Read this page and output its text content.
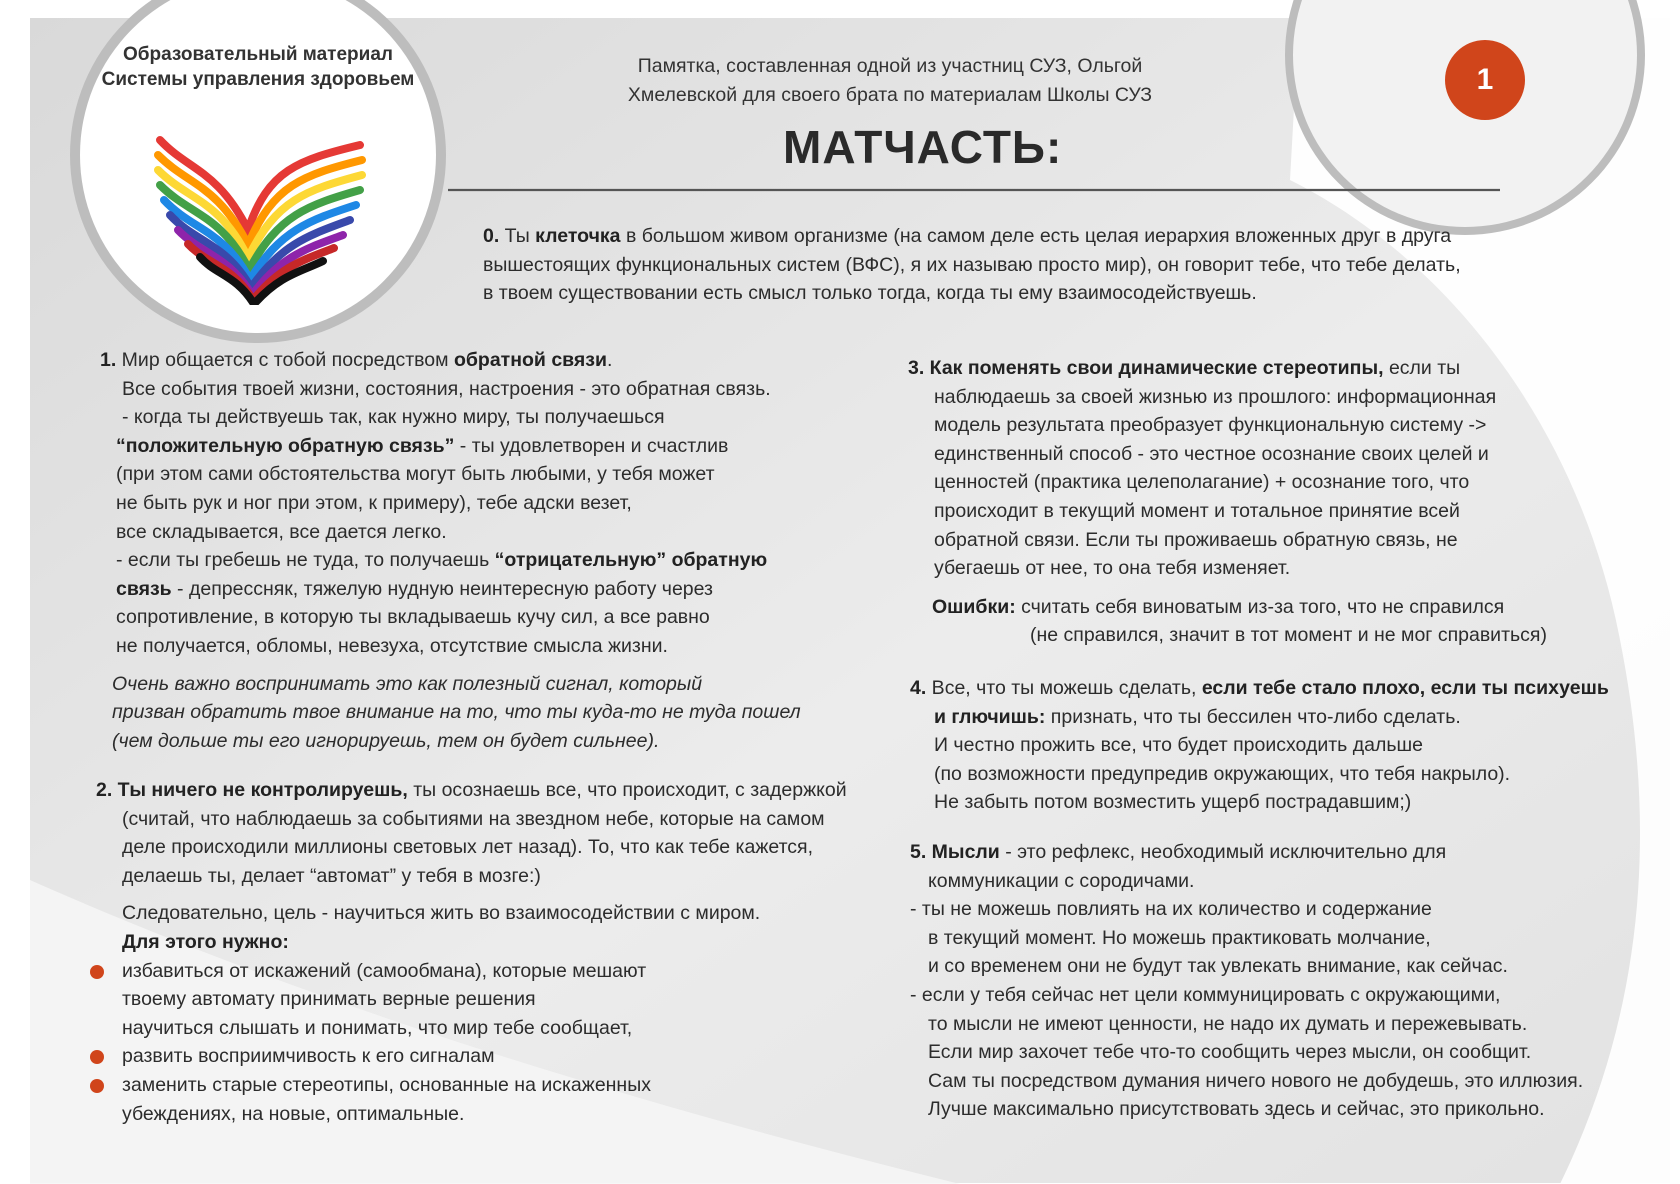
Образовательный материал
Системы управления здоровьем	1
Памятка, составленная одной из участниц СУЗ, Ольгой
Хмелевской для своего брата по материалам Школы СУЗ
МАТЧАСТЬ:

0. Ты клеточка в большом живом организме (на самом деле есть целая иерархия вложенных друг в друга

вышестоящих функциональных систем (ВФС), я их называю просто мир), он говорит тебе, что тебе делать,

в твоем существовании есть смысл только тогда, когда ты ему взаимосодействуешь.

1. Мир общается с тобой посредством обратной связи.

Все события твоей жизни, состояния, настроения - это обратная связь.

- когда ты действуешь так, как нужно миру, ты получаешься

“положительную обратную связь” - ты удовлетворен и счастлив

(при этом сами обстоятельства могут быть любыми, у тебя может

не быть рук и ног при этом, к примеру), тебе адски везет,

все складывается, все дается легко.

- если ты гребешь не туда, то получаешь “отрицательную” обратную

связь - депрессняк, тяжелую нудную неинтересную работу через

сопротивление, в которую ты вкладываешь кучу сил, а все равно

не получается, обломы, невезуха, отсутствие смысла жизни.

Очень важно воспринимать это как полезный сигнал, который

призван обратить твое внимание на то, что ты куда-то не туда пошел

(чем дольше ты его игнорируешь, тем он будет сильнее).

2. Ты ничего не контролируешь, ты осознаешь все, что происходит, с задержкой

(считай, что наблюдаешь за событиями на звездном небе, которые на самом

деле происходили миллионы световых лет назад). То, что как тебе кажется,

делаешь ты, делает “автомат” у тебя в мозге:)

Следовательно, цель - научиться жить во взаимосодействии с миром.

Для этого нужно:

избавиться от искажений (самообмана), которые мешают

твоему автомату принимать верные решения

научиться слышать и понимать, что мир тебе сообщает,

развить восприимчивость к его сигналам

заменить старые стереотипы, основанные на искаженных

убеждениях, на новые, оптимальные.

3. Как поменять свои динамические стереотипы, если ты

наблюдаешь за своей жизнью из прошлого: информационная

модель результата преобразует функциональную систему ->

единственный способ - это честное осознание своих целей и

ценностей (практика целеполагание) + осознание того, что

происходит в текущий момент и тотальное принятие всей

обратной связи. Если ты проживаешь обратную связь, не

убегаешь от нее, то она тебя изменяет.

Ошибки: считать себя виноватым из-за того, что не справился

(не справился, значит в тот момент и не мог справиться)

4. Все, что ты можешь сделать, если тебе стало плохо, если ты психуешь

и глючишь: признать, что ты бессилен что-либо сделать.

И честно прожить все, что будет происходить дальше

(по возможности предупредив окружающих, что тебя накрыло).

Не забыть потом возместить ущерб пострадавшим;)

5. Мысли - это рефлекс, необходимый исключительно для

коммуникации с сородичами.

- ты не можешь повлиять на их количество и содержание

в текущий момент. Но можешь практиковать молчание,

и со временем они не будут так увлекать внимание, как сейчас.

- если у тебя сейчас нет цели коммуницировать с окружающими,

то мысли не имеют ценности, не надо их думать и пережевывать.

Если мир захочет тебе что-то сообщить через мысли, он сообщит.

Сам ты посредством думания ничего нового не добудешь, это иллюзия.

Лучше максимально присутствовать здесь и сейчас, это прикольно.
